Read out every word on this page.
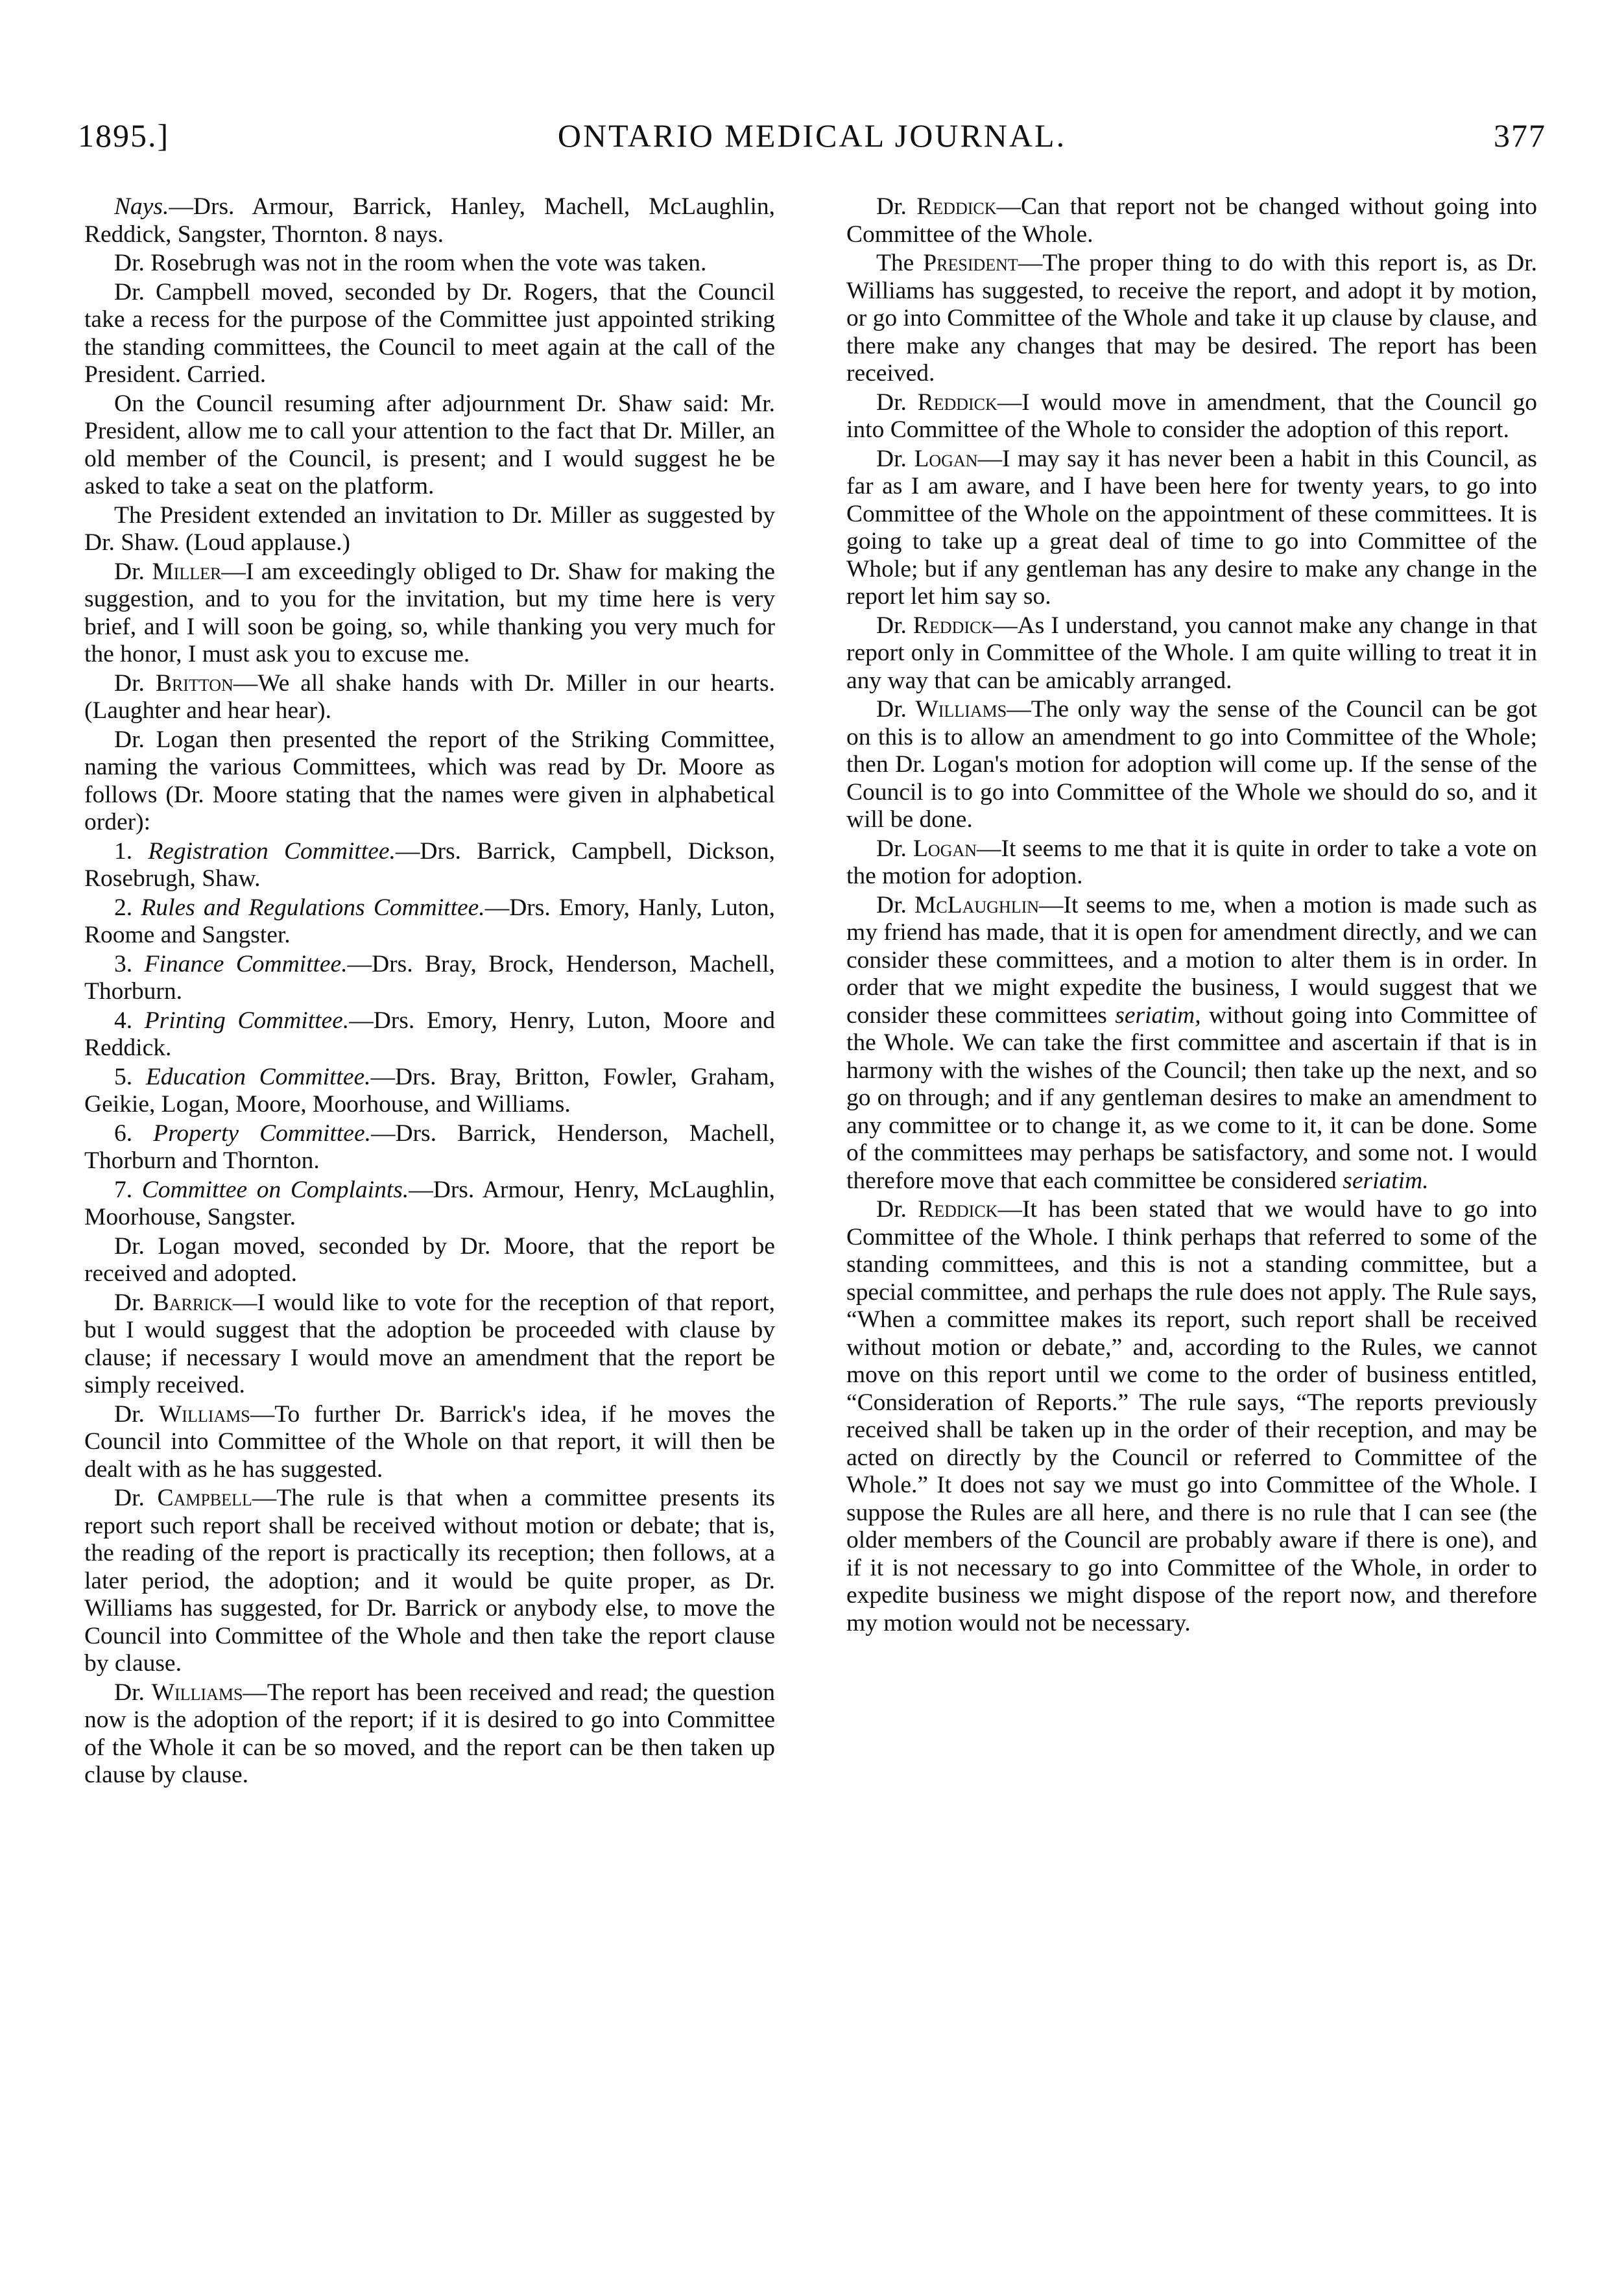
1895.]	ONTARIO MEDICAL JOURNAL.	377

Nays.—Drs. Armour, Barrick, Hanley, Machell, McLaughlin, Reddick, Sangster, Thornton. 8 nays.

Dr. Rosebrugh was not in the room when the vote was taken.

Dr. Campbell moved, seconded by Dr. Rogers, that the Council take a recess for the purpose of the Committee just appointed striking the standing committees, the Council to meet again at the call of the President. Carried.

On the Council resuming after adjournment Dr. Shaw said: Mr. President, allow me to call your attention to the fact that Dr. Miller, an old member of the Council, is present; and I would suggest he be asked to take a seat on the platform.

The President extended an invitation to Dr. Miller as suggested by Dr. Shaw. (Loud applause.)

Dr. Miller—I am exceedingly obliged to Dr. Shaw for making the suggestion, and to you for the invitation, but my time here is very brief, and I will soon be going, so, while thanking you very much for the honor, I must ask you to excuse me.

Dr. Britton—We all shake hands with Dr. Miller in our hearts. (Laughter and hear hear).

Dr. Logan then presented the report of the Striking Committee, naming the various Committees, which was read by Dr. Moore as follows (Dr. Moore stating that the names were given in alphabetical order):

1. Registration Committee.—Drs. Barrick, Campbell, Dickson, Rosebrugh, Shaw.

2. Rules and Regulations Committee.—Drs. Emory, Hanly, Luton, Roome and Sangster.

3. Finance Committee.—Drs. Bray, Brock, Henderson, Machell, Thorburn.

4. Printing Committee.—Drs. Emory, Henry, Luton, Moore and Reddick.

5. Education Committee.—Drs. Bray, Britton, Fowler, Graham, Geikie, Logan, Moore, Moorhouse, and Williams.

6. Property Committee.—Drs. Barrick, Henderson, Machell, Thorburn and Thornton.

7. Committee on Complaints.—Drs. Armour, Henry, McLaughlin, Moorhouse, Sangster.

Dr. Logan moved, seconded by Dr. Moore, that the report be received and adopted.

Dr. Barrick—I would like to vote for the reception of that report, but I would suggest that the adoption be proceeded with clause by clause; if necessary I would move an amendment that the report be simply received.

Dr. Williams—To further Dr. Barrick's idea, if he moves the Council into Committee of the Whole on that report, it will then be dealt with as he has suggested.

Dr. Campbell—The rule is that when a committee presents its report such report shall be received without motion or debate; that is, the reading of the report is practically its reception; then follows, at a later period, the adoption; and it would be quite proper, as Dr. Williams has suggested, for Dr. Barrick or anybody else, to move the Council into Committee of the Whole and then take the report clause by clause.

Dr. Williams—The report has been received and read; the question now is the adoption of the report; if it is desired to go into Committee of the Whole it can be so moved, and the report can be then taken up clause by clause.

Dr. Reddick—Can that report not be changed without going into Committee of the Whole.

The President—The proper thing to do with this report is, as Dr. Williams has suggested, to receive the report, and adopt it by motion, or go into Committee of the Whole and take it up clause by clause, and there make any changes that may be desired. The report has been received.

Dr. Reddick—I would move in amendment, that the Council go into Committee of the Whole to consider the adoption of this report.

Dr. Logan—I may say it has never been a habit in this Council, as far as I am aware, and I have been here for twenty years, to go into Committee of the Whole on the appointment of these committees. It is going to take up a great deal of time to go into Committee of the Whole; but if any gentleman has any desire to make any change in the report let him say so.

Dr. Reddick—As I understand, you cannot make any change in that report only in Committee of the Whole. I am quite willing to treat it in any way that can be amicably arranged.

Dr. Williams—The only way the sense of the Council can be got on this is to allow an amendment to go into Committee of the Whole; then Dr. Logan's motion for adoption will come up. If the sense of the Council is to go into Committee of the Whole we should do so, and it will be done.

Dr. Logan—It seems to me that it is quite in order to take a vote on the motion for adoption.

Dr. McLaughlin—It seems to me, when a motion is made such as my friend has made, that it is open for amendment directly, and we can consider these committees, and a motion to alter them is in order. In order that we might expedite the business, I would suggest that we consider these committees seriatim, without going into Committee of the Whole. We can take the first committee and ascertain if that is in harmony with the wishes of the Council; then take up the next, and so go on through; and if any gentleman desires to make an amendment to any committee or to change it, as we come to it, it can be done. Some of the committees may perhaps be satisfactory, and some not. I would therefore move that each committee be considered seriatim.

Dr. Reddick—It has been stated that we would have to go into Committee of the Whole. I think perhaps that referred to some of the standing committees, and this is not a standing committee, but a special committee, and perhaps the rule does not apply. The Rule says, “When a committee makes its report, such report shall be received without motion or debate,” and, according to the Rules, we cannot move on this report until we come to the order of business entitled, “Consideration of Reports.” The rule says, “The reports previously received shall be taken up in the order of their reception, and may be acted on directly by the Council or referred to Committee of the Whole.” It does not say we must go into Committee of the Whole. I suppose the Rules are all here, and there is no rule that I can see (the older members of the Council are probably aware if there is one), and if it is not necessary to go into Committee of the Whole, in order to expedite business we might dispose of the report now, and therefore my motion would not be necessary.
